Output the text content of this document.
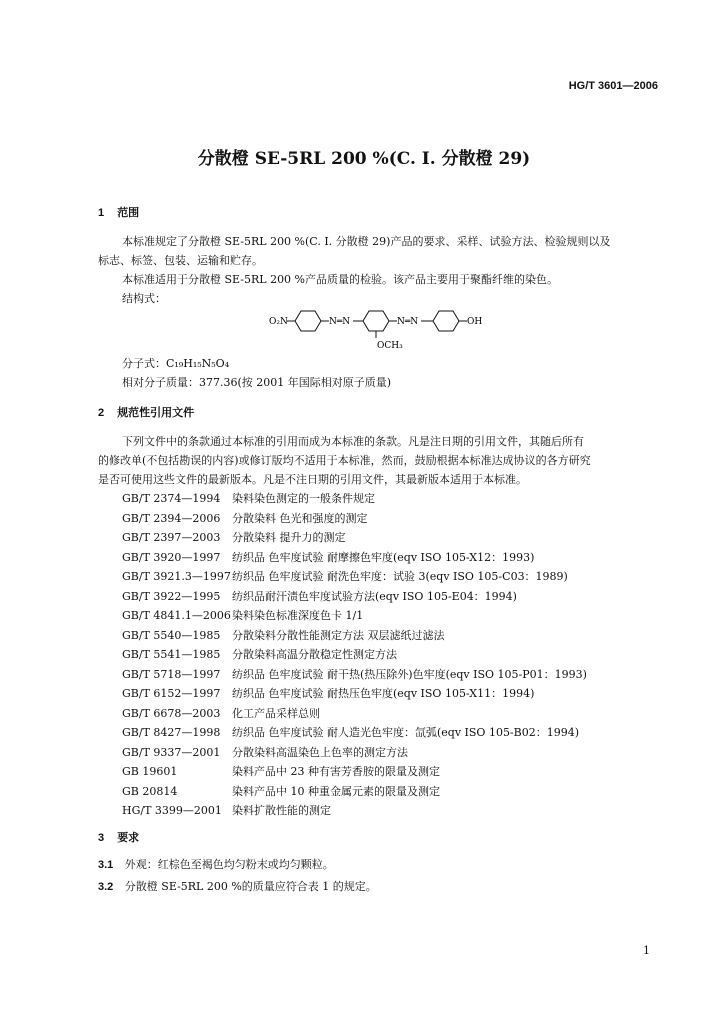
HG/T 3601—2006
分散橙 SE-5RL 200 %(C. I. 分散橙 29)
1 范围
本标准规定了分散橙 SE-5RL 200 %(C. I. 分散橙 29)产品的要求、采样、试验方法、检验规则以及
标志、标签、包装、运输和贮存。
本标准适用于分散橙 SE-5RL 200 %产品质量的检验。该产品主要用于聚酯纤维的染色。
结构式：
O₂N	N═N
OCH₃
N═N	OH
分子式：C₁₉H₁₅N₅O₄
相对分子质量：377.36(按 2001 年国际相对原子质量)
2 规范性引用文件
下列文件中的条款通过本标准的引用而成为本标准的条款。凡是注日期的引用文件，其随后所有
的修改单(不包括勘误的内容)或修订版均不适用于本标准，然而，鼓励根据本标准达成协议的各方研究
是否可使用这些文件的最新版本。凡是不注日期的引用文件，其最新版本适用于本标准。
GB/T 2374—1994 染料染色测定的一般条件规定
GB/T 2394—2006 分散染料 色光和强度的测定
GB/T 2397—2003 分散染料 提升力的测定
GB/T 3920—1997 纺织品 色牢度试验 耐摩擦色牢度(eqv ISO 105-X12：1993)
GB/T 3921.3—1997纺织品 色牢度试验 耐洗色牢度：试验 3(eqv ISO 105-C03：1989)
GB/T 3922—1995 纺织品耐汗渍色牢度试验方法(eqv ISO 105-E04：1994)
GB/T 4841.1—2006染料染色标准深度色卡 1/1
GB/T 5540—1985 分散染料分散性能测定方法 双层滤纸过滤法
GB/T 5541—1985 分散染料高温分散稳定性测定方法
GB/T 5718—1997 纺织品 色牢度试验 耐干热(热压除外)色牢度(eqv ISO 105-P01：1993)
GB/T 6152—1997 纺织品 色牢度试验 耐热压色牢度(eqv ISO 105-X11：1994)
GB/T 6678—2003 化工产品采样总则
GB/T 8427—1998 纺织品 色牢度试验 耐人造光色牢度：氙弧(eqv ISO 105-B02：1994)
GB/T 9337—2001 分散染料高温染色上色率的测定方法
GB 19601	染料产品中 23 种有害芳香胺的限量及测定
GB 20814	染料产品中 10 种重金属元素的限量及测定
HG/T 3399—2001 染料扩散性能的测定
3 要求
3.1 外观：红棕色至褐色均匀粉末或均匀颗粒。
3.2 分散橙 SE-5RL 200 %的质量应符合表 1 的规定。
1
